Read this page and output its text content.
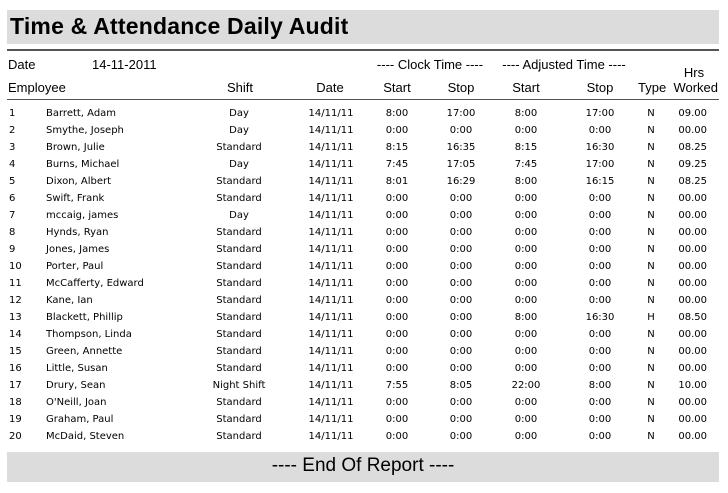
Time & Attendance Daily Audit
Date	14-11-2011	---- Clock Time ----	---- Adjusted Time ----
Hrs
Employee	Shift	Date	Start	Stop	Start	Stop	Type Worked
1	Barrett, Adam	Day	14/11/11	8:00	17:00	8:00	17:00	N	09.00
2	Smythe, Joseph	Day	14/11/11	0:00	0:00	0:00	0:00	N	00.00
3	Brown, Julie	Standard	14/11/11	8:15	16:35	8:15	16:30	N	08.25
4	Burns, Michael	Day	14/11/11	7:45	17:05	7:45	17:00	N	09.25
5	Dixon, Albert	Standard	14/11/11	8:01	16:29	8:00	16:15	N	08.25
6	Swift, Frank	Standard	14/11/11	0:00	0:00	0:00	0:00	N	00.00
7	mccaig, james	Day	14/11/11	0:00	0:00	0:00	0:00	N	00.00
8	Hynds, Ryan	Standard	14/11/11	0:00	0:00	0:00	0:00	N	00.00
9	Jones, James	Standard	14/11/11	0:00	0:00	0:00	0:00	N	00.00
10	Porter, Paul	Standard	14/11/11	0:00	0:00	0:00	0:00	N	00.00
11	McCafferty, Edward	Standard	14/11/11	0:00	0:00	0:00	0:00	N	00.00
12	Kane, Ian	Standard	14/11/11	0:00	0:00	0:00	0:00	N	00.00
13	Blackett, Phillip	Standard	14/11/11	0:00	0:00	8:00	16:30	H	08.50
14	Thompson, Linda	Standard	14/11/11	0:00	0:00	0:00	0:00	N	00.00
15	Green, Annette	Standard	14/11/11	0:00	0:00	0:00	0:00	N	00.00
16	Little, Susan	Standard	14/11/11	0:00	0:00	0:00	0:00	N	00.00
17	Drury, Sean	Night Shift	14/11/11	7:55	8:05	22:00	8:00	N	10.00
18	O'Neill, Joan	Standard	14/11/11	0:00	0:00	0:00	0:00	N	00.00
19	Graham, Paul	Standard	14/11/11	0:00	0:00	0:00	0:00	N	00.00
20	McDaid, Steven	Standard	14/11/11	0:00	0:00	0:00	0:00	N	00.00
---- End Of Report ----
